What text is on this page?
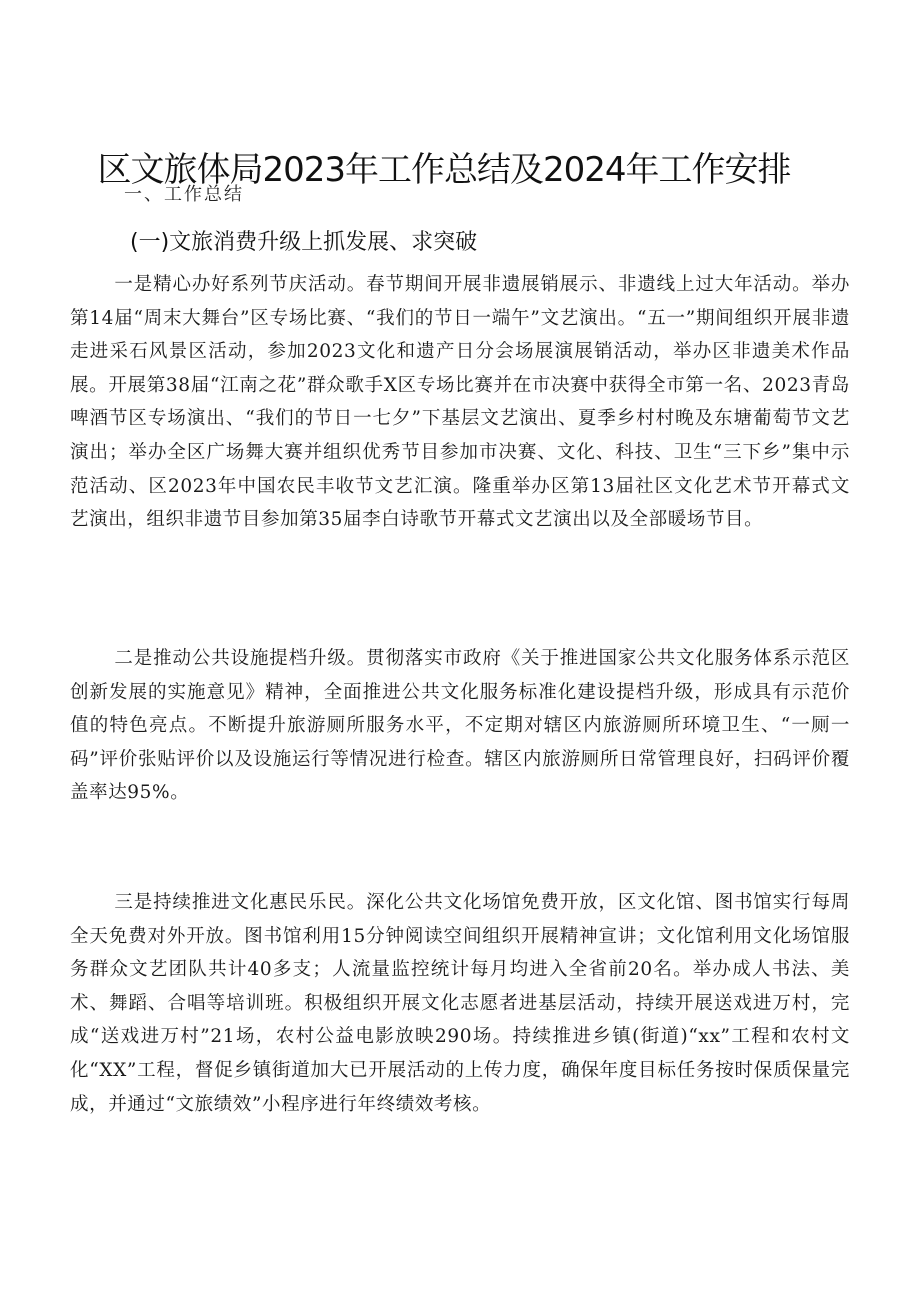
区文旅体局2023年工作总结及2024年工作安排
一、工作总结
(一)文旅消费升级上抓发展、求突破

一是精心办好系列节庆活动。春节期间开展非遗展销展示、非遗线上过大年活动。举办第14届“周末大舞台”区专场比赛、“我们的节日一端午”文艺演出。“五一”期间组织开展非遗走进采石风景区活动，参加2023文化和遗产日分会场展演展销活动，举办区非遗美术作品展。开展第38届“江南之花”群众歌手X区专场比赛并在市决赛中获得全市第一名、2023青岛啤酒节区专场演出、“我们的节日一七夕”下基层文艺演出、夏季乡村村晚及东塘葡萄节文艺演出；举办全区广场舞大赛并组织优秀节目参加市决赛、文化、科技、卫生“三下乡”集中示范活动、区2023年中国农民丰收节文艺汇演。隆重举办区第13届社区文化艺术节开幕式文艺演出，组织非遗节目参加第35届李白诗歌节开幕式文艺演出以及全部暖场节目。

二是推动公共设施提档升级。贯彻落实市政府《关于推进国家公共文化服务体系示范区创新发展的实施意见》精神，全面推进公共文化服务标准化建设提档升级，形成具有示范价值的特色亮点。不断提升旅游厕所服务水平，不定期对辖区内旅游厕所环境卫生、“一厕一码”评价张贴评价以及设施运行等情况进行检查。辖区内旅游厕所日常管理良好，扫码评价覆盖率达95%。

三是持续推进文化惠民乐民。深化公共文化场馆免费开放，区文化馆、图书馆实行每周全天免费对外开放。图书馆利用15分钟阅读空间组织开展精神宣讲；文化馆利用文化场馆服务群众文艺团队共计40多支；人流量监控统计每月均进入全省前20名。举办成人书法、美术、舞蹈、合唱等培训班。积极组织开展文化志愿者进基层活动，持续开展送戏进万村，完成“送戏进万村”21场，农村公益电影放映290场。持续推进乡镇(街道)“xx”工程和农村文化“XX”工程，督促乡镇街道加大已开展活动的上传力度，确保年度目标任务按时保质保量完成，并通过“文旅绩效”小程序进行年终绩效考核。
